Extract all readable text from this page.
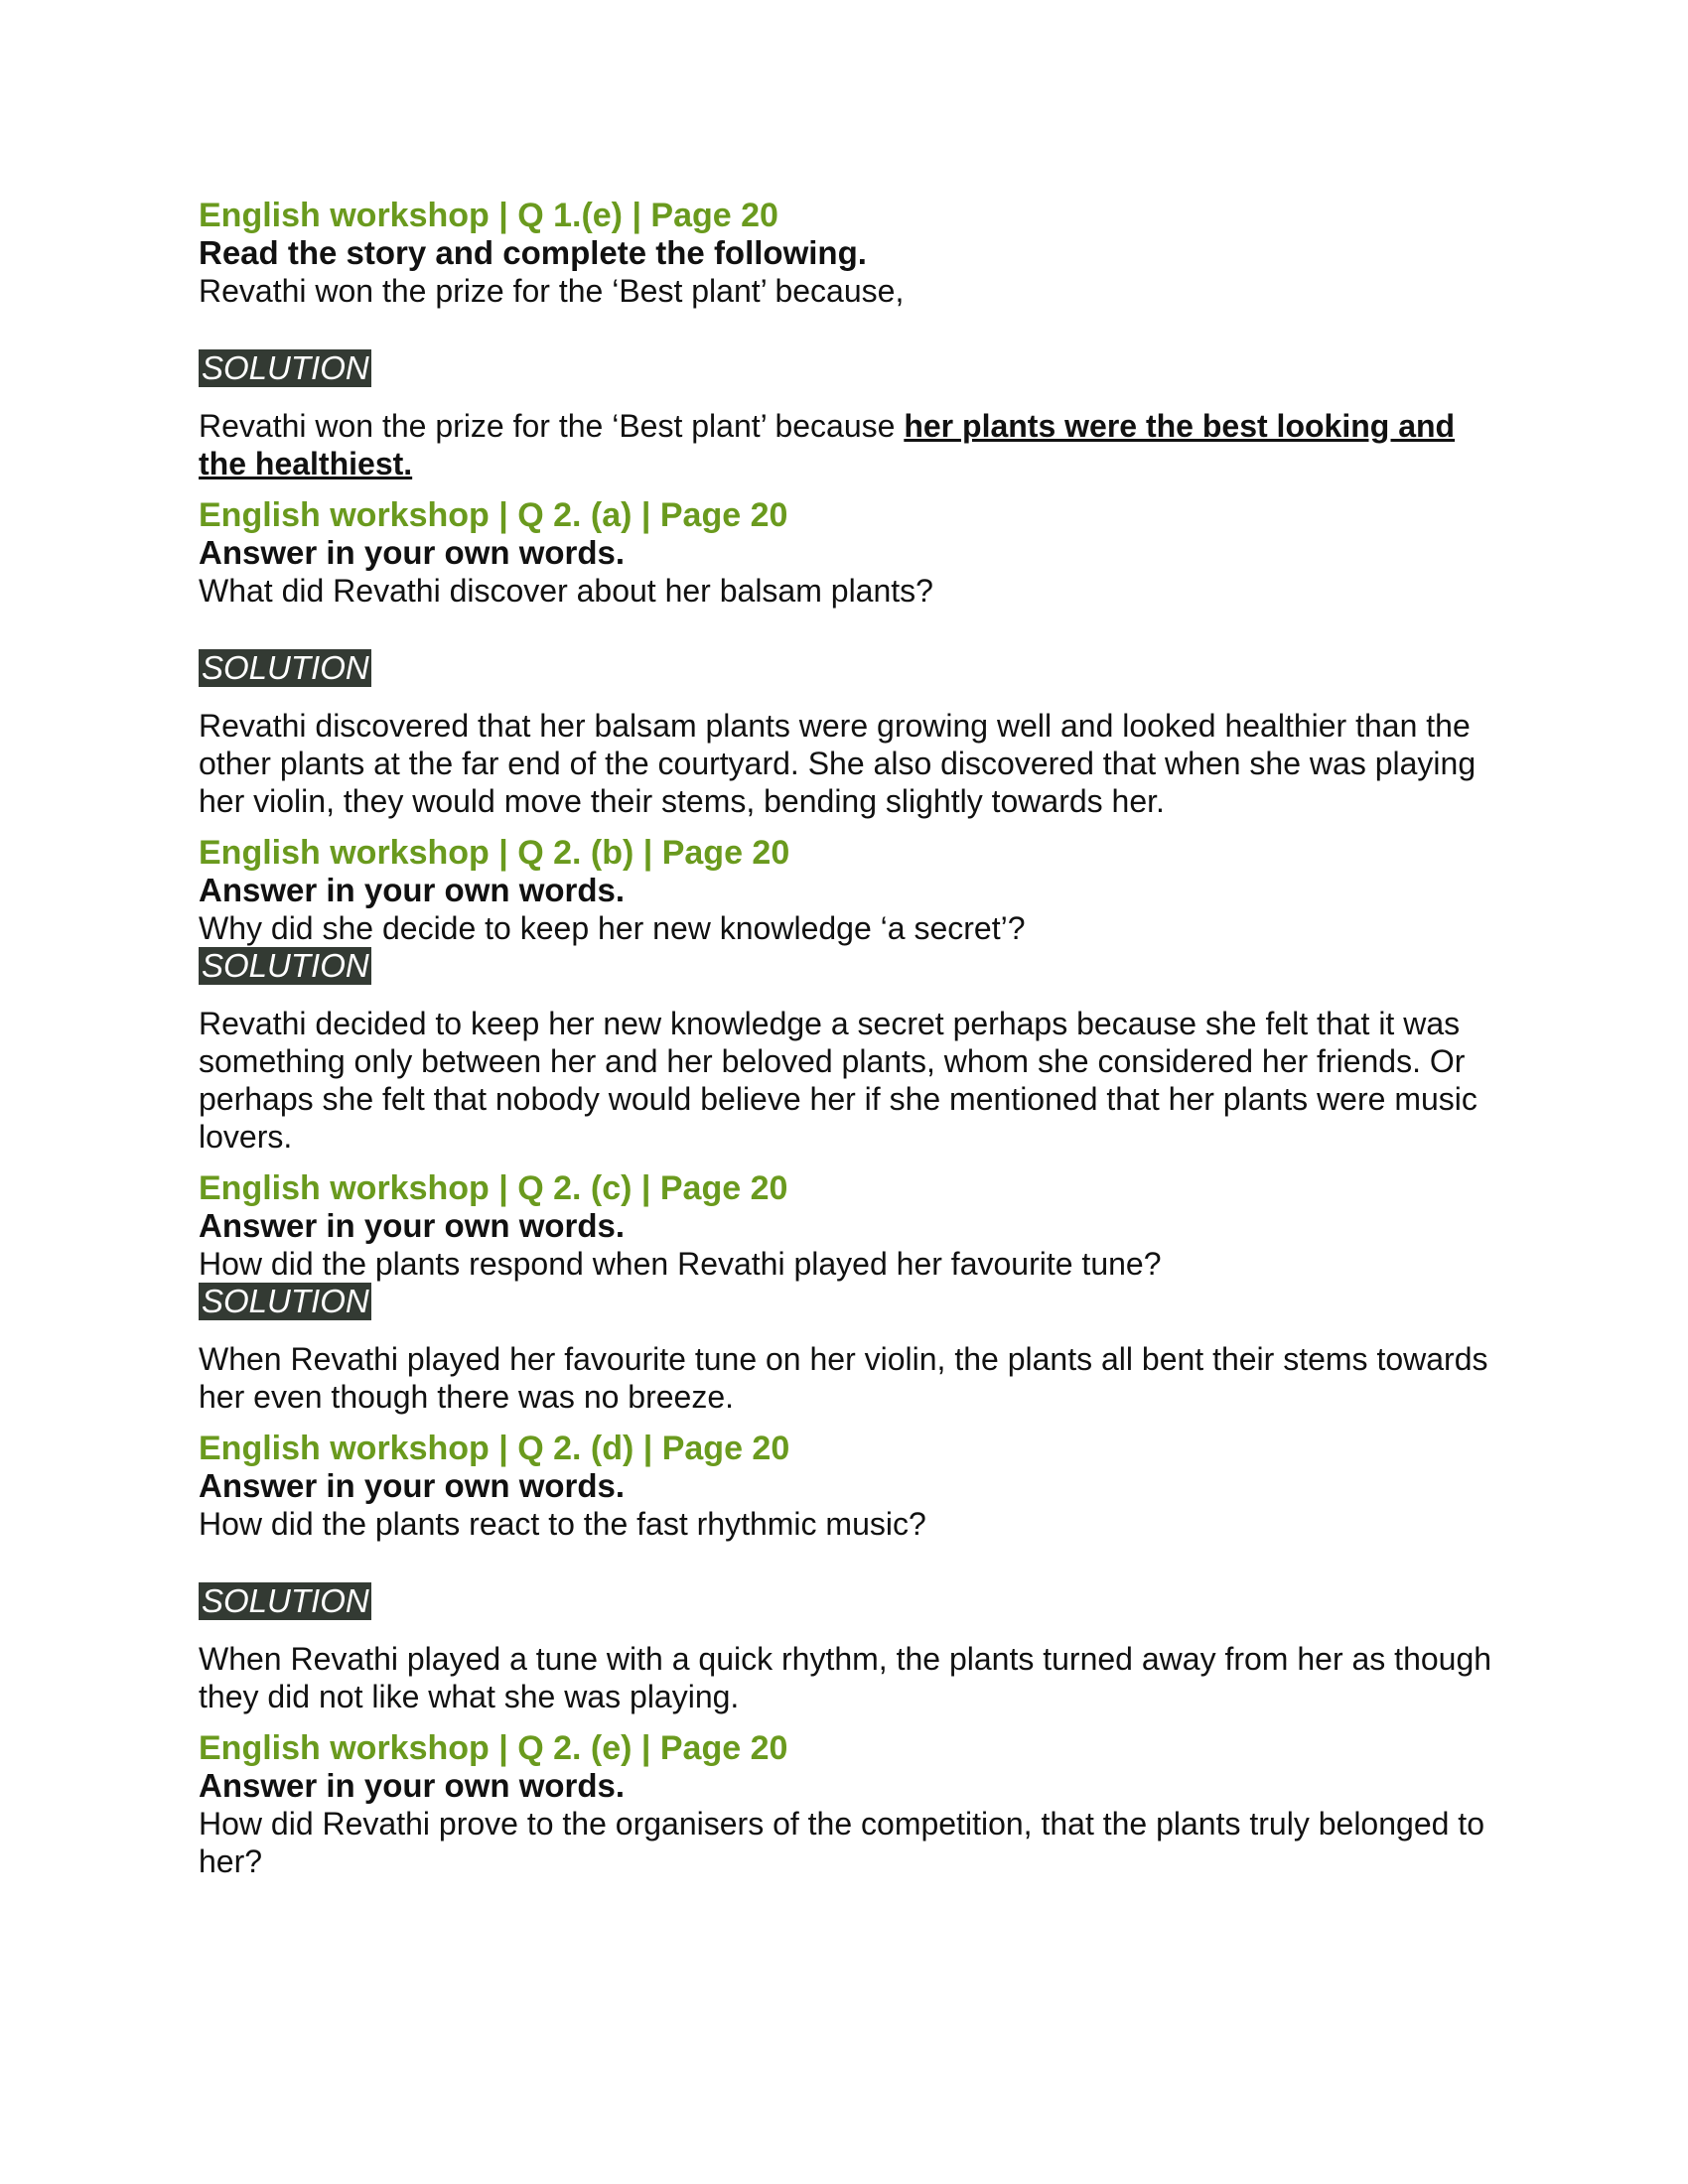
English workshop | Q 1.(e) | Page 20

Read the story and complete the following.

Revathi won the prize for the ‘Best plant’ because,

SOLUTION

Revathi won the prize for the ‘Best plant’ because her plants were the best looking and the healthiest.

English workshop | Q 2. (a) | Page 20

Answer in your own words.

What did Revathi discover about her balsam plants?

SOLUTION

Revathi discovered that her balsam plants were growing well and looked healthier than the other plants at the far end of the courtyard. She also discovered that when she was playing her violin, they would move their stems, bending slightly towards her.

English workshop | Q 2. (b) | Page 20

Answer in your own words.

Why did she decide to keep her new knowledge ‘a secret’?

SOLUTION

Revathi decided to keep her new knowledge a secret perhaps because she felt that it was something only between her and her beloved plants, whom she considered her friends. Or perhaps she felt that nobody would believe her if she mentioned that her plants were music lovers.

English workshop | Q 2. (c) | Page 20

Answer in your own words.

How did the plants respond when Revathi played her favourite tune?

SOLUTION

When Revathi played her favourite tune on her violin, the plants all bent their stems towards her even though there was no breeze.

English workshop | Q 2. (d) | Page 20

Answer in your own words.

How did the plants react to the fast rhythmic music?

SOLUTION

When Revathi played a tune with a quick rhythm, the plants turned away from her as though they did not like what she was playing.

English workshop | Q 2. (e) | Page 20

Answer in your own words.

How did Revathi prove to the organisers of the competition, that the plants truly belonged to her?
